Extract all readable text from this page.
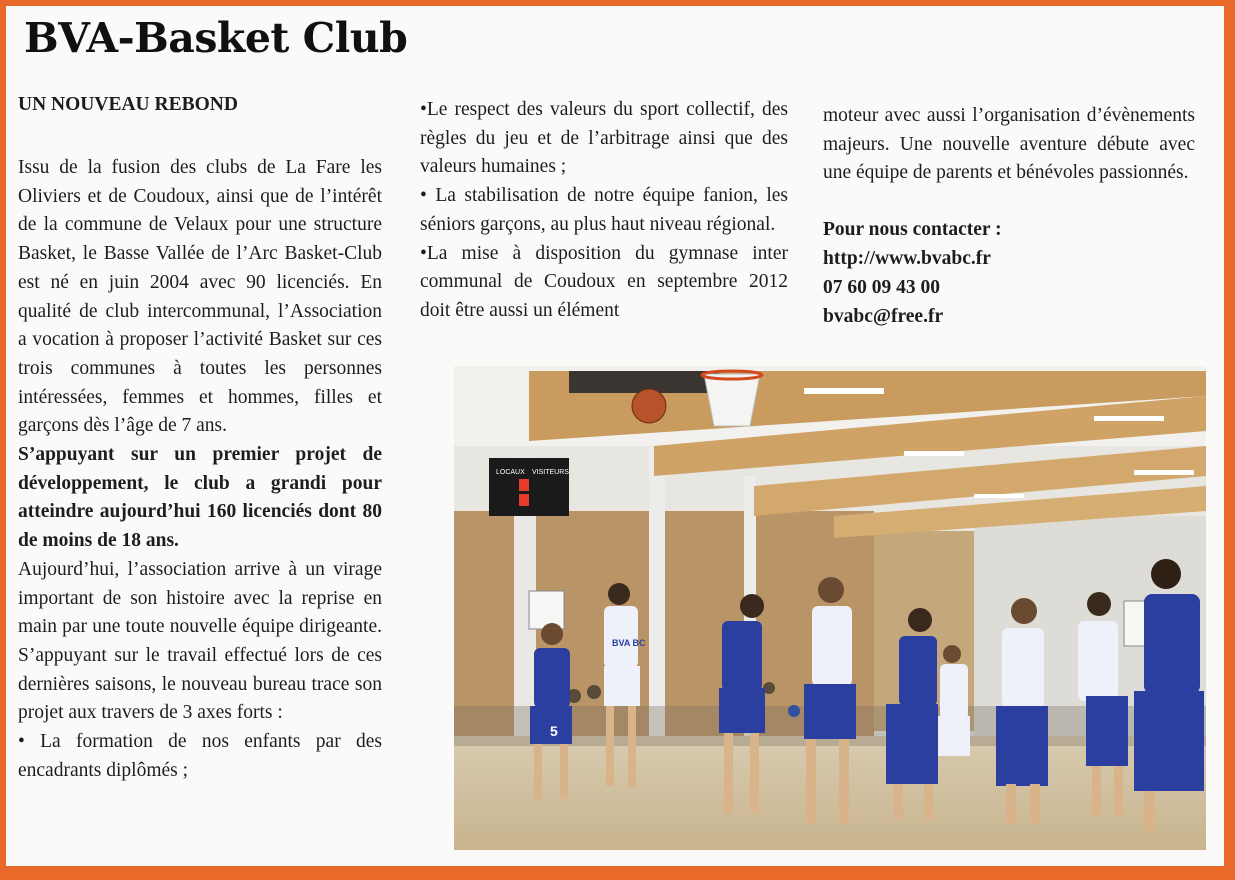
BVA-Basket Club
UN NOUVEAU REBOND

Issu de la fusion des clubs de La Fare les Oliviers et de Coudoux, ainsi que de l’intérêt de la commune de Velaux pour une structure Basket, le Basse Vallée de l’Arc Basket-Club est né en juin 2004 avec 90 licenciés. En qualité de club intercommunal, l’Association a vocation à proposer l’activité Basket sur ces trois communes à toutes les personnes intéressées, femmes et hommes, filles et garçons dès l’âge de 7 ans.

S’appuyant sur un premier projet de développement, le club a grandi pour atteindre aujourd’hui 160 licenciés dont 80 de moins de 18 ans.

Aujourd’hui, l’association arrive à un virage important de son histoire avec la reprise en main par une toute nouvelle équipe dirigeante. S’appuyant sur le travail effectué lors de ces dernières saisons, le nouveau bureau trace son projet aux travers de 3 axes forts :

• La formation de nos enfants par des encadrants diplômés ;

•Le respect des valeurs du sport collectif, des règles du jeu et de l’arbitrage ainsi que des valeurs humaines ;

• La stabilisation de notre équipe fanion, les séniors garçons, au plus haut niveau régional.

•La mise à disposition du gymnase inter communal de Coudoux en septembre 2012 doit être aussi un élément

moteur avec aussi l’organisation d’évènements majeurs. Une nouvelle aventure débute avec une équipe de parents et bénévoles passionnés.

Pour nous contacter :
http://www.bvabc.fr
07 60 09 43 00
bvabc@free.fr
LOCAUX VISITEURS
5
BVA BC
